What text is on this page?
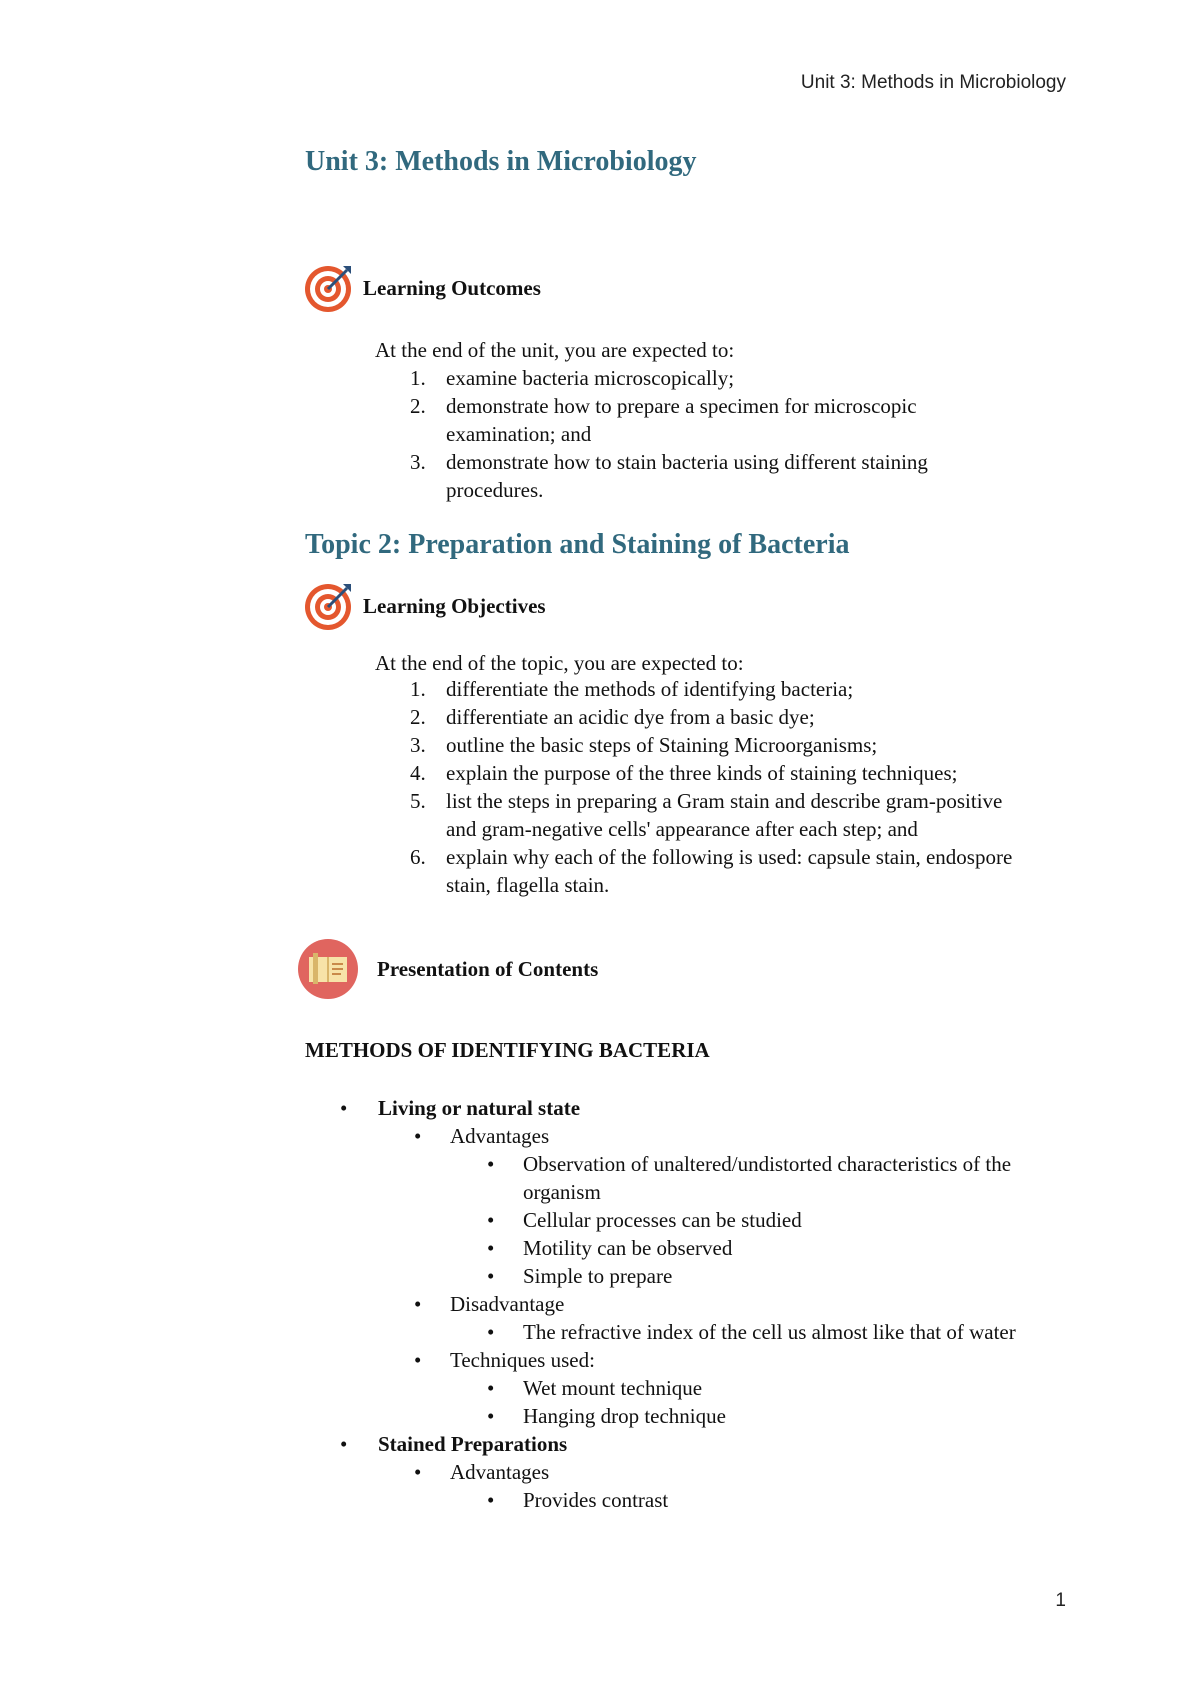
Unit 3: Methods in Microbiology
Unit 3: Methods in Microbiology
Learning Outcomes
At the end of the unit, you are expected to:
1. examine bacteria microscopically;
2. demonstrate how to prepare a specimen for microscopic examination; and
3. demonstrate how to stain bacteria using different staining procedures.
Topic 2: Preparation and Staining of Bacteria
Learning Objectives
At the end of the topic, you are expected to:
1. differentiate the methods of identifying bacteria;
2. differentiate an acidic dye from a basic dye;
3. outline the basic steps of Staining Microorganisms;
4. explain the purpose of the three kinds of staining techniques;
5. list the steps in preparing a Gram stain and describe gram-positive and gram-negative cells' appearance after each step; and
6. explain why each of the following is used: capsule stain, endospore stain, flagella stain.
Presentation of Contents
METHODS OF IDENTIFYING BACTERIA
• Living or natural state
• Advantages
• Observation of unaltered/undistorted characteristics of the organism
• Cellular processes can be studied
• Motility can be observed
• Simple to prepare
• Disadvantage
• The refractive index of the cell us almost like that of water
• Techniques used:
• Wet mount technique
• Hanging drop technique
• Stained Preparations
• Advantages
• Provides contrast
1
